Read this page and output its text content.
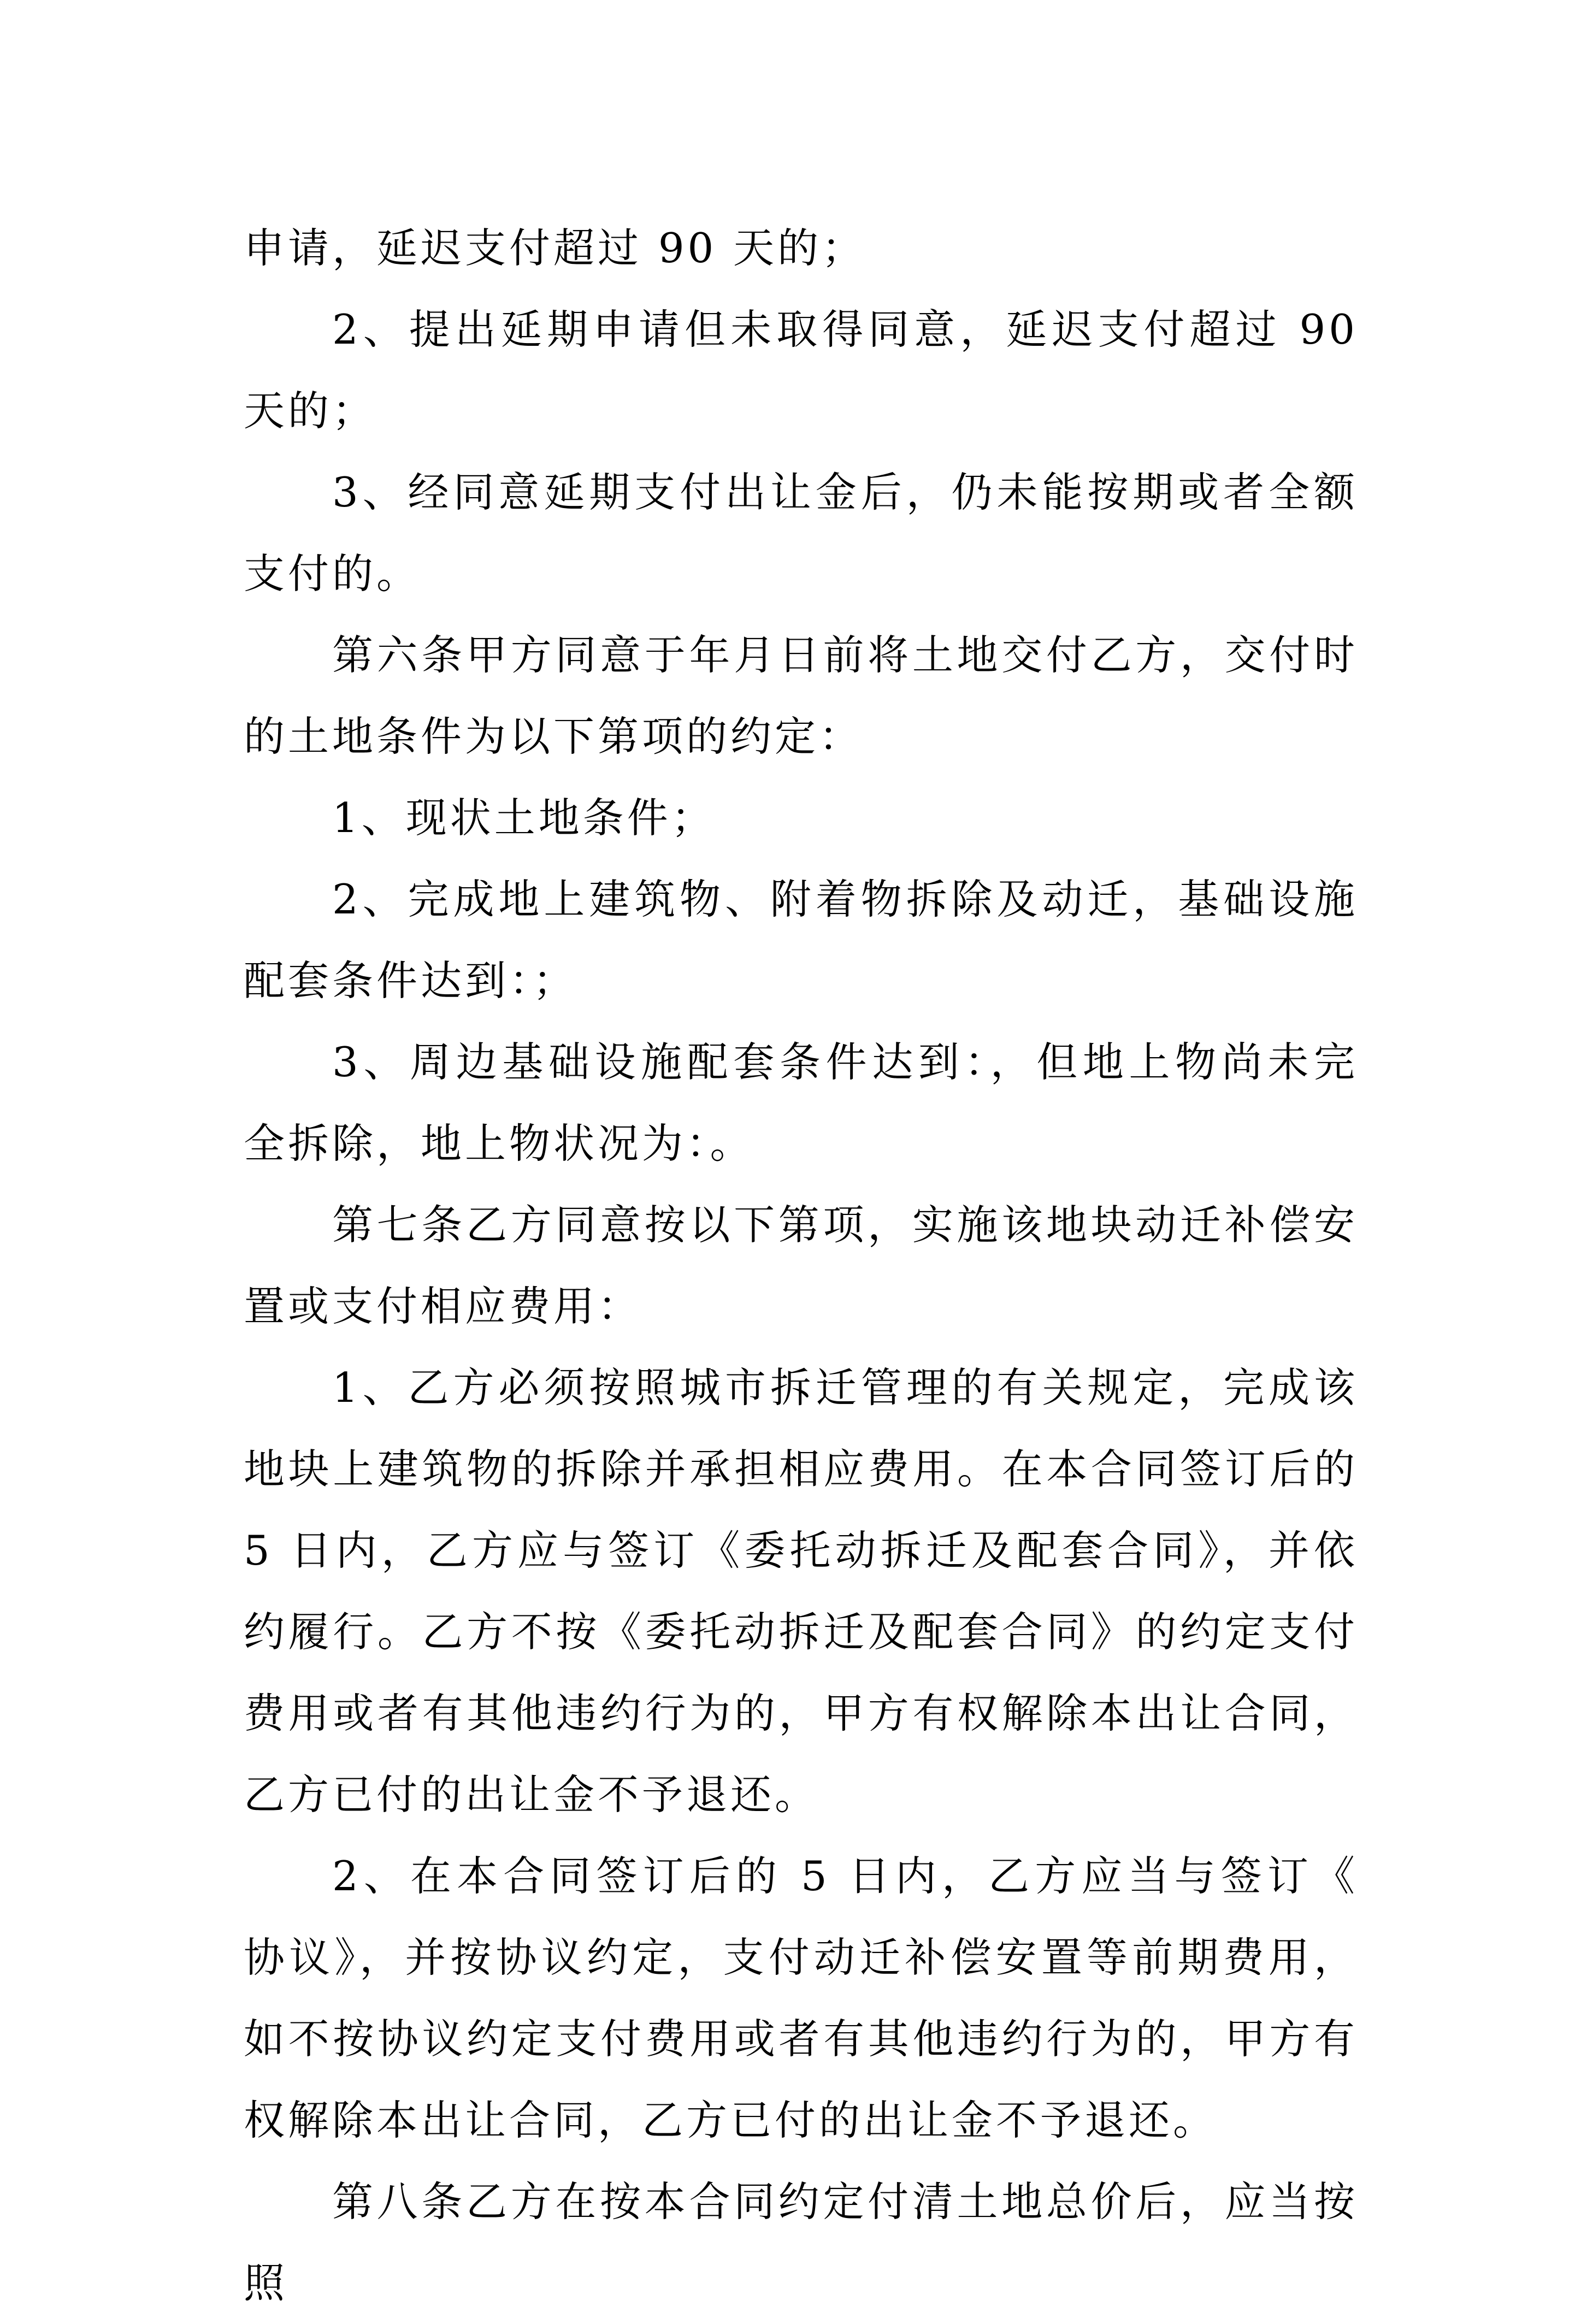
申请，延迟支付超过 90 天的；

2、提出延期申请但未取得同意，延迟支付超过 90 天的；

3、经同意延期支付出让金后，仍未能按期或者全额支付的。

第六条甲方同意于年月日前将土地交付乙方，交付时的土地条件为以下第项的约定：

1、现状土地条件；

2、完成地上建筑物、附着物拆除及动迁，基础设施配套条件达到：；

3、周边基础设施配套条件达到：，但地上物尚未完全拆除，地上物状况为：。

第七条乙方同意按以下第项，实施该地块动迁补偿安置或支付相应费用：

1、乙方必须按照城市拆迁管理的有关规定，完成该地块上建筑物的拆除并承担相应费用。在本合同签订后的 5 日内，乙方应与签订《委托动拆迁及配套合同》，并依约履行。乙方不按《委托动拆迁及配套合同》的约定支付费用或者有其他违约行为的，甲方有权解除本出让合同，乙方已付的出让金不予退还。

2、在本合同签订后的 5 日内，乙方应当与签订《 协议》，并按协议约定，支付动迁补偿安置等前期费用，如不按协议约定支付费用或者有其他违约行为的，甲方有权解除本出让合同，乙方已付的出让金不予退还。

第八条乙方在按本合同约定付清土地总价后，应当按照
